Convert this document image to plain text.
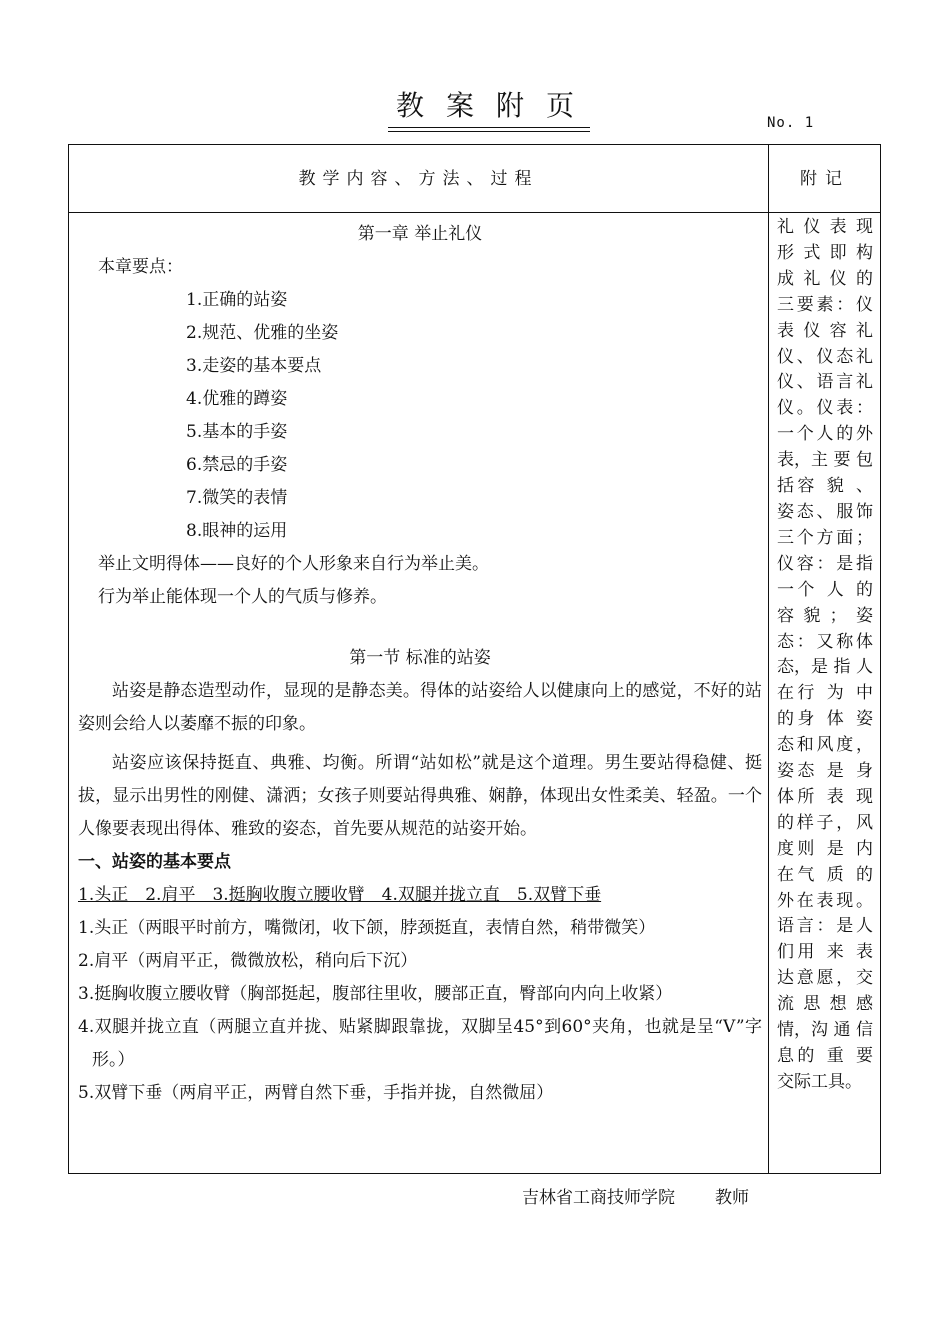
教案附页
No. 1
教学内容、方法、过程	附记
第一章 举止礼仪
本章要点：
1.正确的站姿
2.规范、优雅的坐姿
3.走姿的基本要点
4.优雅的蹲姿
5.基本的手姿
6.禁忌的手姿
7.微笑的表情
8.眼神的运用
举止文明得体——良好的个人形象来自行为举止美。
行为举止能体现一个人的气质与修养。
第一节 标准的站姿
站姿是静态造型动作，显现的是静态美。得体的站姿给人以健康向上的感觉，不好的站姿则会给人以萎靡不振的印象。
站姿应该保持挺直、典雅、均衡。所谓“站如松”就是这个道理。男生要站得稳健、挺拔，显示出男性的刚健、潇洒；女孩子则要站得典雅、娴静，体现出女性柔美、轻盈。一个人像要表现出得体、雅致的姿态，首先要从规范的站姿开始。
一、站姿的基本要点
1.头正　2.肩平　3.挺胸收腹立腰收臂　4.双腿并拢立直　5.双臂下垂
1.头正（两眼平时前方，嘴微闭，收下颌，脖颈挺直，表情自然，稍带微笑）
2.肩平（两肩平正，微微放松，稍向后下沉）
3.挺胸收腹立腰收臂（胸部挺起，腹部往里收，腰部正直，臀部向内向上收紧）
4.双腿并拢立直（两腿立直并拢、贴紧脚跟靠拢，双脚呈45°到60°夹角，也就是呈“V”字形。）
5.双臂下垂（两肩平正，两臂自然下垂，手指并拢，自然微屈）
礼 仪 表 现形 式 即 构成 礼 仪 的三要素：仪表 仪 容 礼仪、仪态礼仪、语言礼仪。仪表：一个人的外表，主 要 包 括容 貌 、 姿态、服饰三个方面；仪容：是指一个 人 的 容貌；姿态：又称体态，是 指 人 在行 为 中 的身 体 姿 态和风度，姿态 是 身 体所 表 现 的样子，风度则 是 内 在气 质 的 外在表现。语言：是人们用 来 表 达意愿，交流思想感情，沟 通 信 息的 重 要 交际工具。
吉林省工商技师学院 教师
